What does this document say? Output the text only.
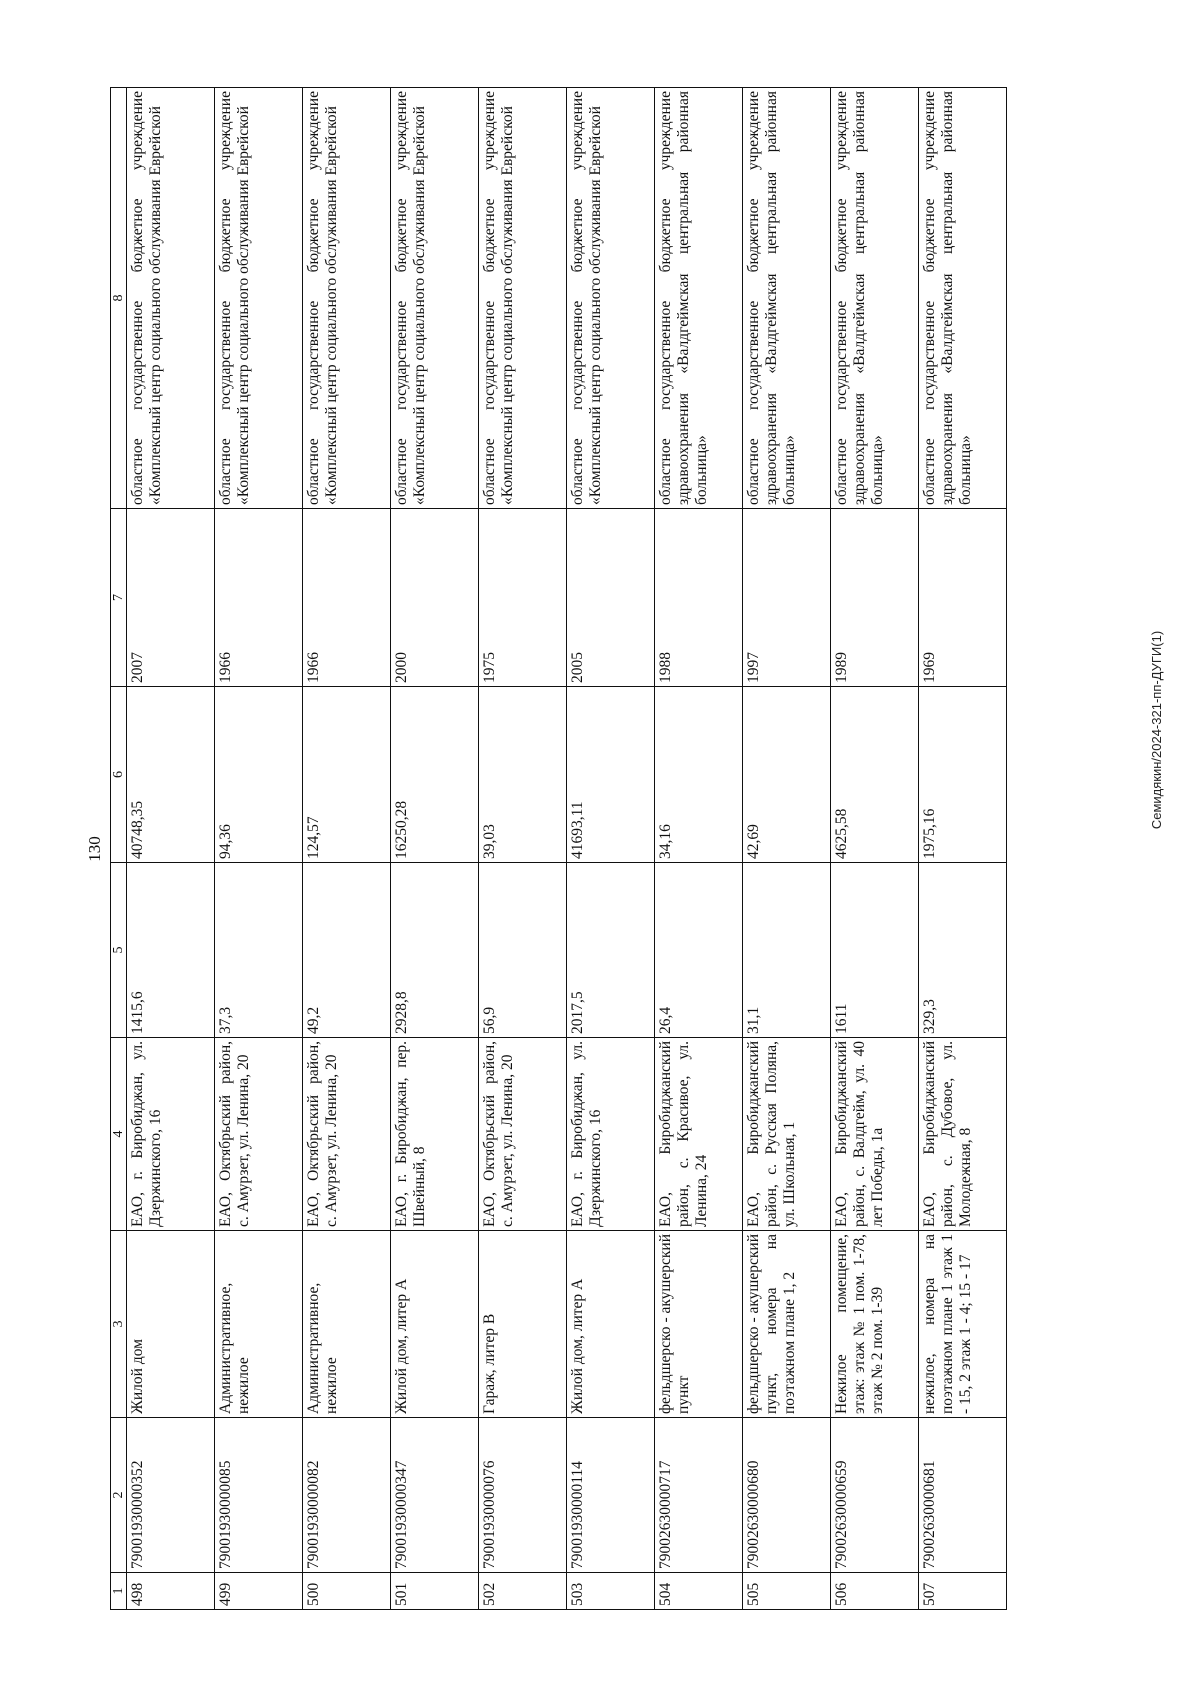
130
1	2	3	4	5	6	7	8
498	79001930000352	Жилой дом	ЕАО, г. Биробиджан, ул. Дзержинского, 16	1415,6	40748,35	2007	областное государственное бюджетное учреждение «Комплексный центр социального обслуживания Еврейской
499	79001930000085	Административное, нежилое	ЕАО, Октябрьский район, с. Амурзет, ул. Ленина, 20	37,3	94,36	1966	областное государственное бюджетное учреждение «Комплексный центр социального обслуживания Еврейской
500	79001930000082	Административное, нежилое	ЕАО, Октябрьский район, с. Амурзет, ул. Ленина, 20	49,2	124,57	1966	областное государственное бюджетное учреждение «Комплексный центр социального обслуживания Еврейской
501	79001930000347	Жилой дом, литер А	ЕАО, г. Биробиджан, пер. Швейный, 8	2928,8	16250,28	2000	областное государственное бюджетное учреждение «Комплексный центр социального обслуживания Еврейской
502	79001930000076	Гараж, литер В	ЕАО, Октябрьский район, с. Амурзет, ул. Ленина, 20	56,9	39,03	1975	областное государственное бюджетное учреждение «Комплексный центр социального обслуживания Еврейской
503	79001930000114	Жилой дом, литер А	ЕАО, г. Биробиджан, ул. Дзержинского, 16	2017,5	41693,11	2005	областное государственное бюджетное учреждение «Комплексный центр социального обслуживания Еврейской
504	79002630000717	фельдшерско - акушерский пункт	ЕАО, Биробиджанский район, с. Красивое, ул. Ленина, 24	26,4	34,16	1988	областное государственное бюджетное учреждение здравоохранения «Валдгеймская центральная районная больница»
505	79002630000680	фельдшерско - акушерский пункт, номера на поэтажном плане 1, 2	ЕАО, Биробиджанский район, с. Русская Поляна, ул. Школьная, 1	31,1	42,69	1997	областное государственное бюджетное учреждение здравоохранения «Валдгеймская центральная районная больница»
506	79002630000659	Нежилое помещение, этаж: этаж № 1 пом. 1-78, этаж № 2 пом. 1-39	ЕАО, Биробиджанский район, с. Валдгейм, ул. 40 лет Победы, 1а	1611	4625,58	1989	областное государственное бюджетное учреждение здравоохранения «Валдгеймская центральная районная больница»
507	79002630000681	нежилое, номера на поэтажном плане 1 этаж 1 - 15, 2 этаж 1 - 4; 15 - 17	ЕАО, Биробиджанский район, с. Дубовое, ул. Молодежная, 8	329,3	1975,16	1969	областное государственное бюджетное учреждение здравоохранения «Валдгеймская центральная районная больница»
Семидякин/2024-321-пп-ДУГИ(1)
